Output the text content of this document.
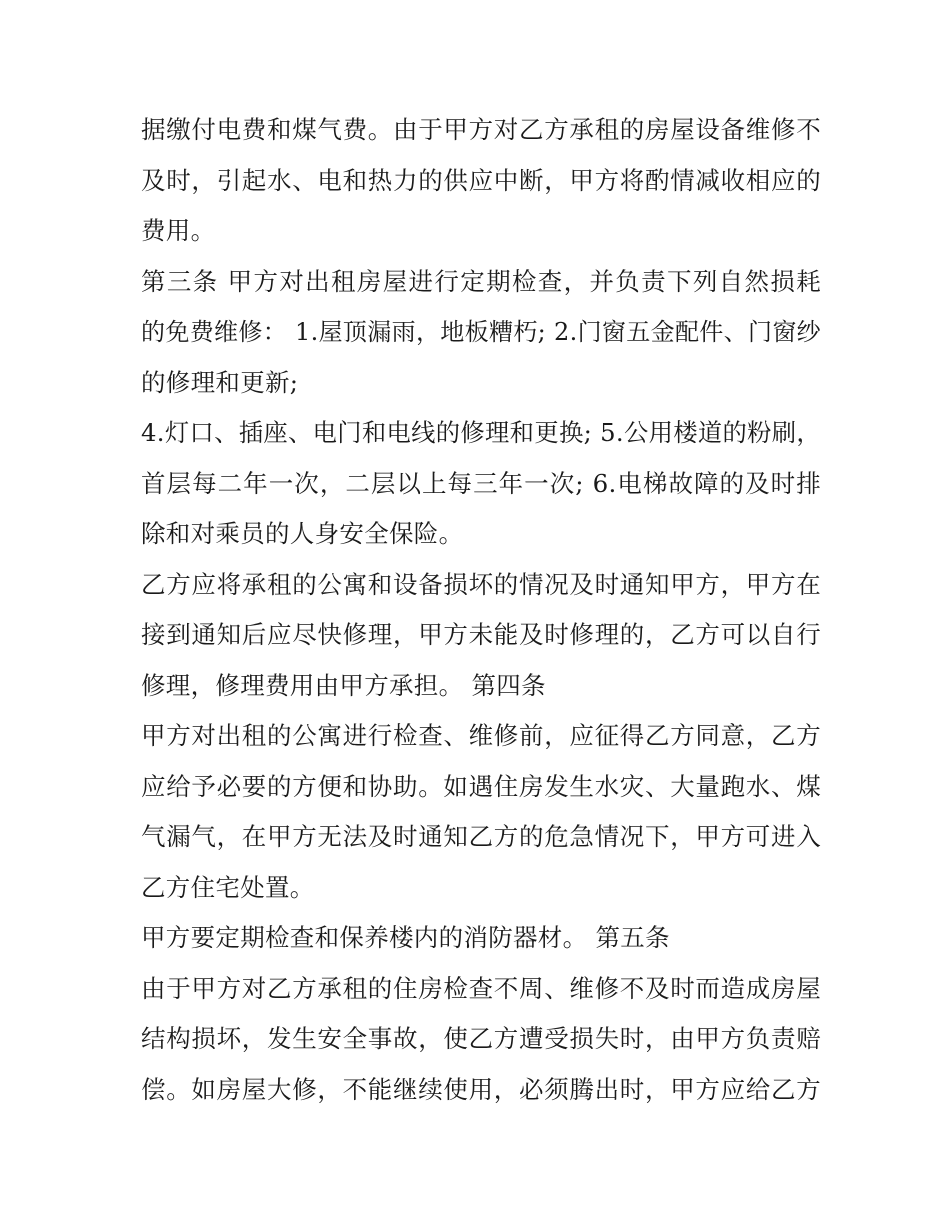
据缴付电费和煤气费。由于甲方对乙方承租的房屋设备维修不
及时，引起水、电和热力的供应中断，甲方将酌情减收相应的
费用。
第三条 甲方对出租房屋进行定期检查，并负责下列自然损耗
的免费维修： 1.屋顶漏雨，地板糟朽; 2.门窗五金配件、门窗纱
的修理和更新;
4.灯口、插座、电门和电线的修理和更换; 5.公用楼道的粉刷，
首层每二年一次，二层以上每三年一次; 6.电梯故障的及时排
除和对乘员的人身安全保险。
乙方应将承租的公寓和设备损坏的情况及时通知甲方，甲方在
接到通知后应尽快修理，甲方未能及时修理的，乙方可以自行
修理，修理费用由甲方承担。 第四条
甲方对出租的公寓进行检查、维修前，应征得乙方同意，乙方
应给予必要的方便和协助。如遇住房发生水灾、大量跑水、煤
气漏气，在甲方无法及时通知乙方的危急情况下，甲方可进入
乙方住宅处置。
甲方要定期检查和保养楼内的消防器材。 第五条
由于甲方对乙方承租的住房检查不周、维修不及时而造成房屋
结构损坏，发生安全事故，使乙方遭受损失时，由甲方负责赔
偿。如房屋大修，不能继续使用，必须腾出时，甲方应给乙方
